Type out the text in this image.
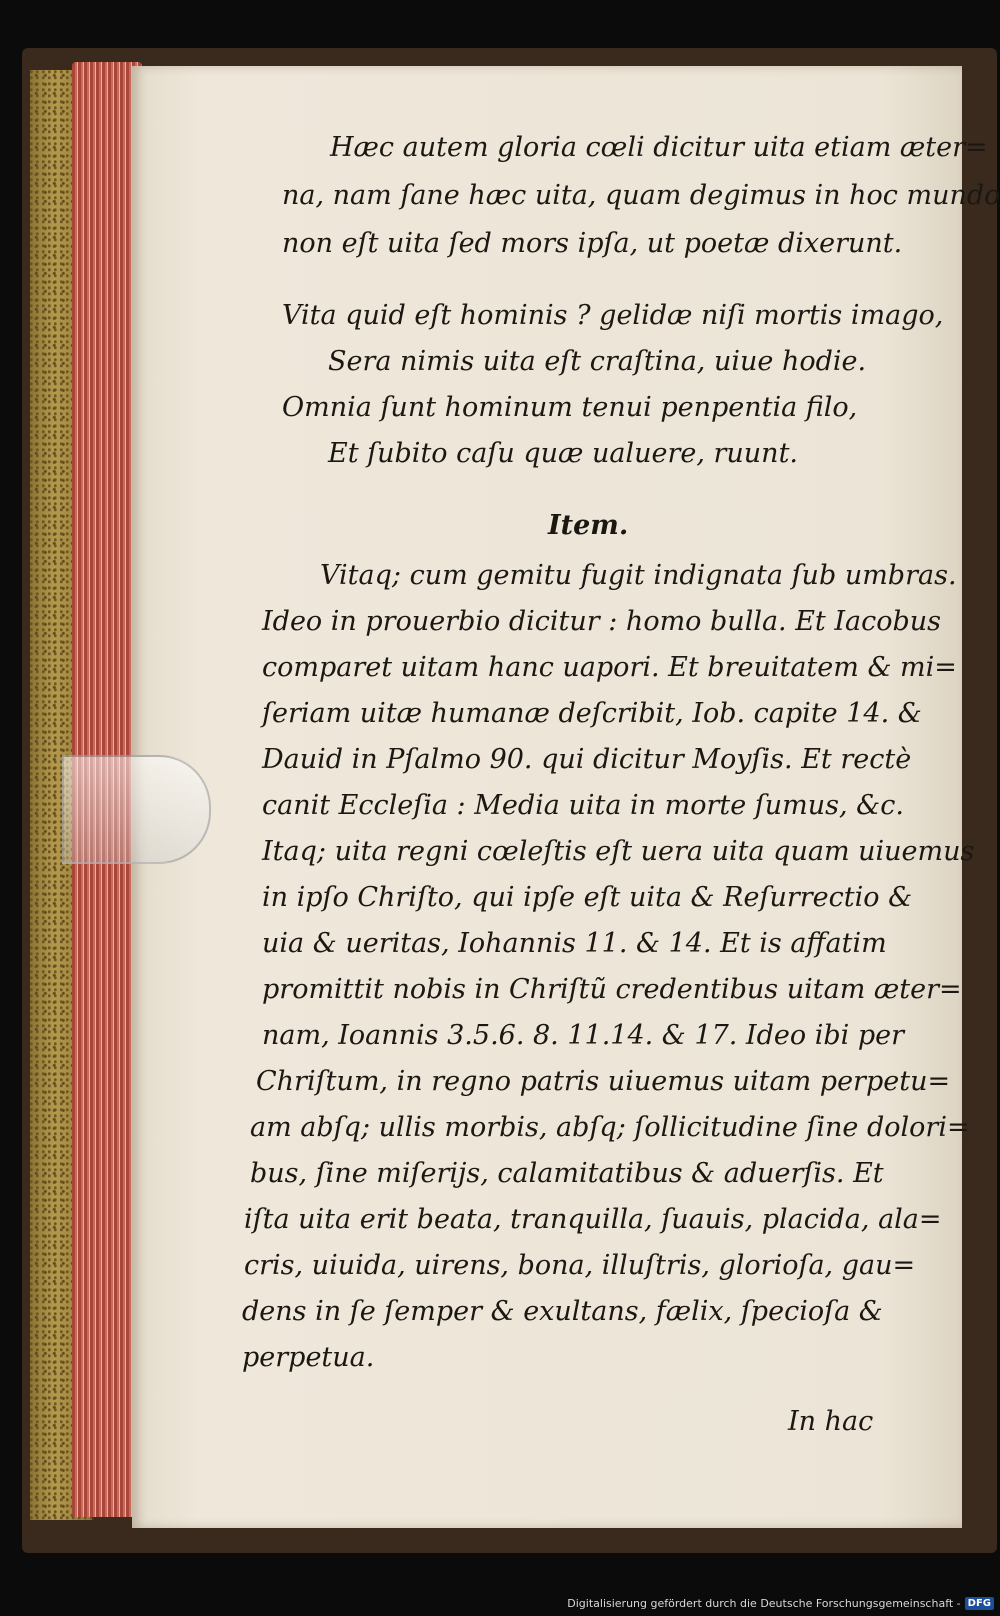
Hæc autem gloria cœli dicitur uita etiam æter=
na, nam ſane hæc uita, quam degimus in hoc mundo
non eſt uita ſed mors ipſa, ut poetæ dixerunt.
Vita quid eſt hominis ? gelidæ niſi mortis imago,
Sera nimis uita eſt craſtina, uiue hodie.
Omnia ſunt hominum tenui penpentia filo,
Et ſubito caſu quæ ualuere, ruunt.
Item.
Vitaq; cum gemitu fugit indignata ſub umbras.
Ideo in prouerbio dicitur : homo bulla. Et Iacobus
comparet uitam hanc uapori. Et breuitatem & mi=
ſeriam uitæ humanæ deſcribit, Iob. capite 14. &
Dauid in Pſalmo 90. qui dicitur Moyſis. Et rectè
canit Eccleſia : Media uita in morte ſumus, &c.
Itaq; uita regni cœleſtis eſt uera uita quam uiuemus
in ipſo Chriſto, qui ipſe eſt uita & Reſurrectio &
uia & ueritas, Iohannis 11. & 14. Et is affatim
promittit nobis in Chriſtũ credentibus uitam æter=
nam, Ioannis 3.5.6. 8. 11.14. & 17. Ideo ibi per
Chriſtum, in regno patris uiuemus uitam perpetu=
am abſq; ullis morbis, abſq; ſollicitudine ſine dolori=
bus, ſine miſerijs, calamitatibus & aduerſis. Et
iſta uita erit beata, tranquilla, ſuauis, placida, ala=
cris, uiuida, uirens, bona, illuſtris, glorioſa, gau=
dens in ſe ſemper & exultans, fælix, ſpecioſa &
perpetua.
In hac
Digitalisierung gefördert durch die Deutsche Forschungsgemeinschaft - DFG
